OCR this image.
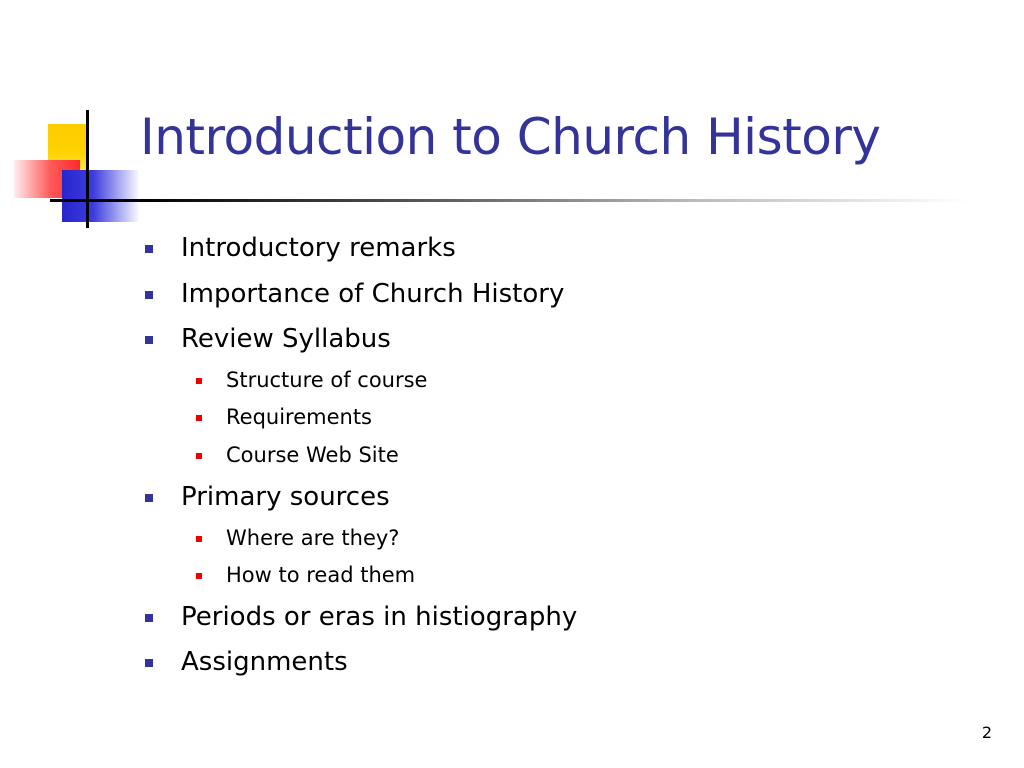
Introduction to Church History
Introductory remarks
Importance of Church History
Review Syllabus
Structure of course
Requirements
Course Web Site
Primary sources
Where are they?
How to read them
Periods or eras in histiography
Assignments
2
